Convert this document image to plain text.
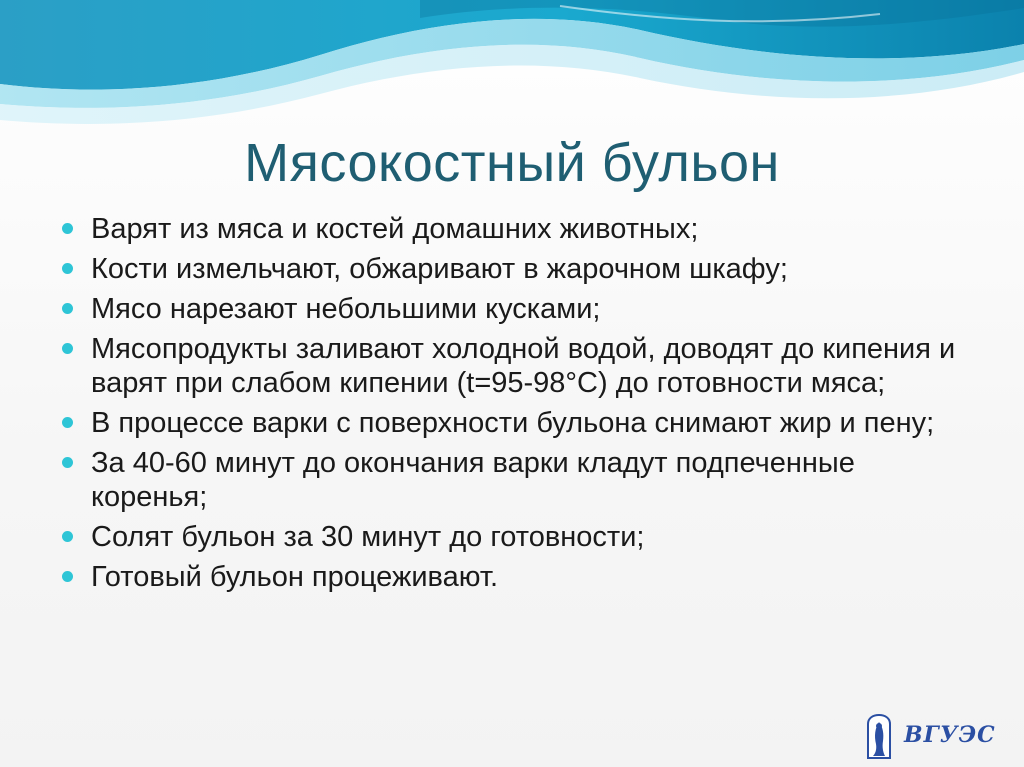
Мясокостный бульон
Варят из мяса и костей домашних животных;
Кости измельчают, обжаривают в жарочном шкафу;
Мясо нарезают небольшими кусками;
Мясопродукты заливают холодной водой, доводят до кипения и варят при слабом кипении (t=95-98°C) до готовности мяса;
В процессе варки с поверхности бульона снимают жир и пену;
За 40-60 минут до окончания варки кладут подпеченные коренья;
Солят бульон за 30 минут до готовности;
Готовый бульон процеживают.
ВГУЭС
